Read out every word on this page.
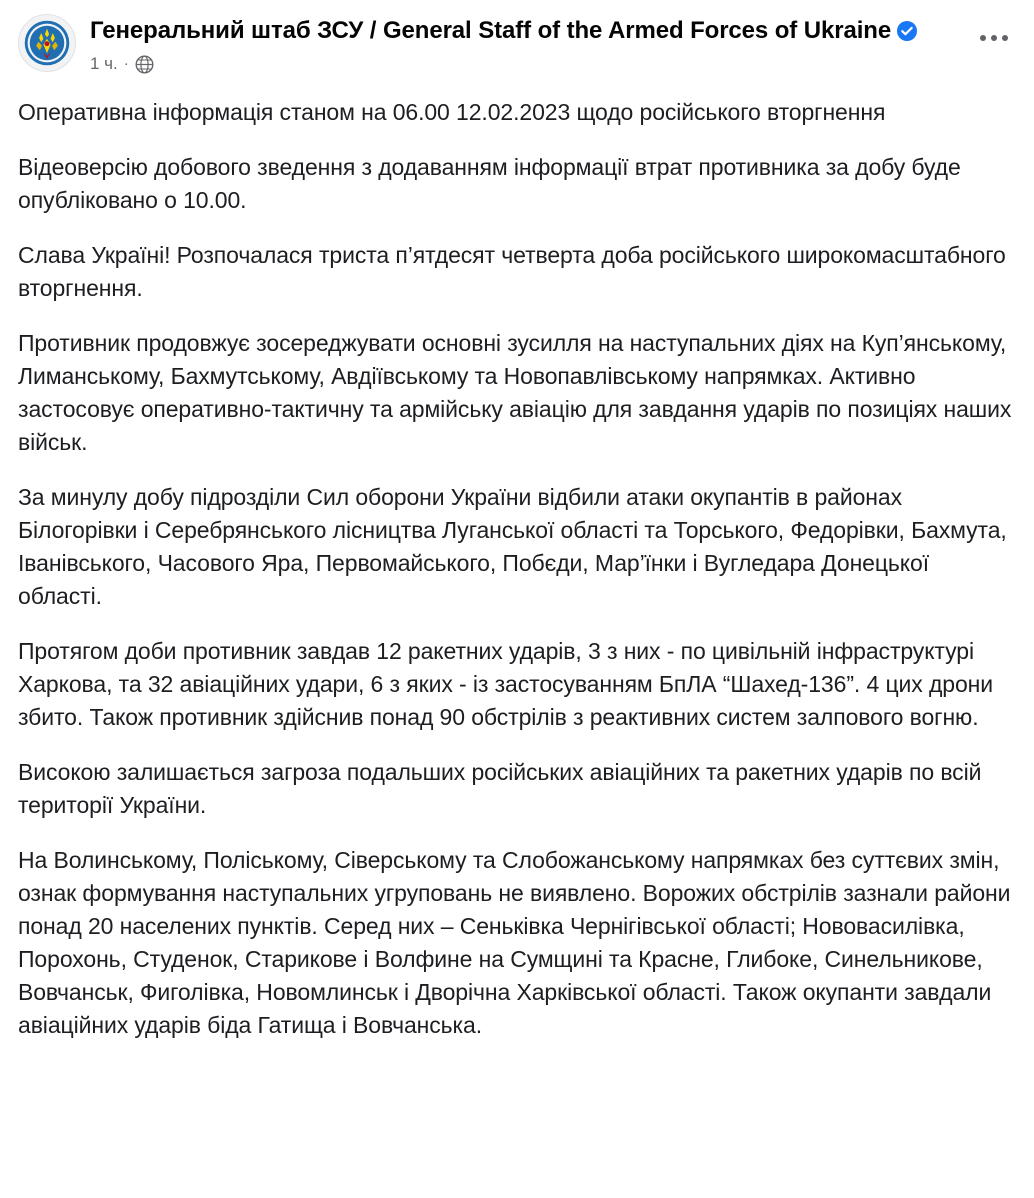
Генеральний штаб ЗСУ / General Staff of the Armed Forces of Ukraine
1 ч. ·

Оперативна інформація станом на 06.00 12.02.2023 щодо російського вторгнення

Відеоверсію добового зведення з додаванням інформації втрат противника за добу буде опубліковано о 10.00.

Слава Україні! Розпочалася триста п’ятдесят четверта доба російського широкомасштабного вторгнення.

Противник продовжує зосереджувати основні зусилля на наступальних діях на Куп’янському, Лиманському, Бахмутському, Авдіївському та Новопавлівському напрямках. Активно застосовує оперативно-тактичну та армійську авіацію для завдання ударів по позиціях наших військ.

За минулу добу підрозділи Сил оборони України відбили атаки окупантів в районах Білогорівки і Серебрянського лісництва Луганської області та Торського, Федорівки, Бахмута, Іванівського, Часового Яра, Первомайського, Побєди, Мар’їнки і Вугледара Донецької області.

Протягом доби противник завдав 12 ракетних ударів, 3 з них - по цивільній інфраструктурі Харкова, та 32 авіаційних удари, 6 з яких - із застосуванням БпЛА “Шахед-136”. 4 цих дрони збито. Також противник здійснив понад 90 обстрілів з реактивних систем залпового вогню.

Високою залишається загроза подальших російських авіаційних та ракетних ударів по всій території України.

На Волинському, Поліському, Сіверському та Слобожанському напрямках без суттєвих змін, ознак формування наступальних угруповань не виявлено. Ворожих обстрілів зазнали райони понад 20 населених пунктів. Серед них – Сеньківка Чернігівської області; Нововасилівка, Порохонь, Студенок, Старикове і Волфине на Сумщині та Красне, Глибоке, Синельникове, Вовчанськ, Фиголівка, Новомлинськ і Дворічна Харківської області. Також окупанти завдали авіаційних ударів біда Гатища і Вовчанська.
